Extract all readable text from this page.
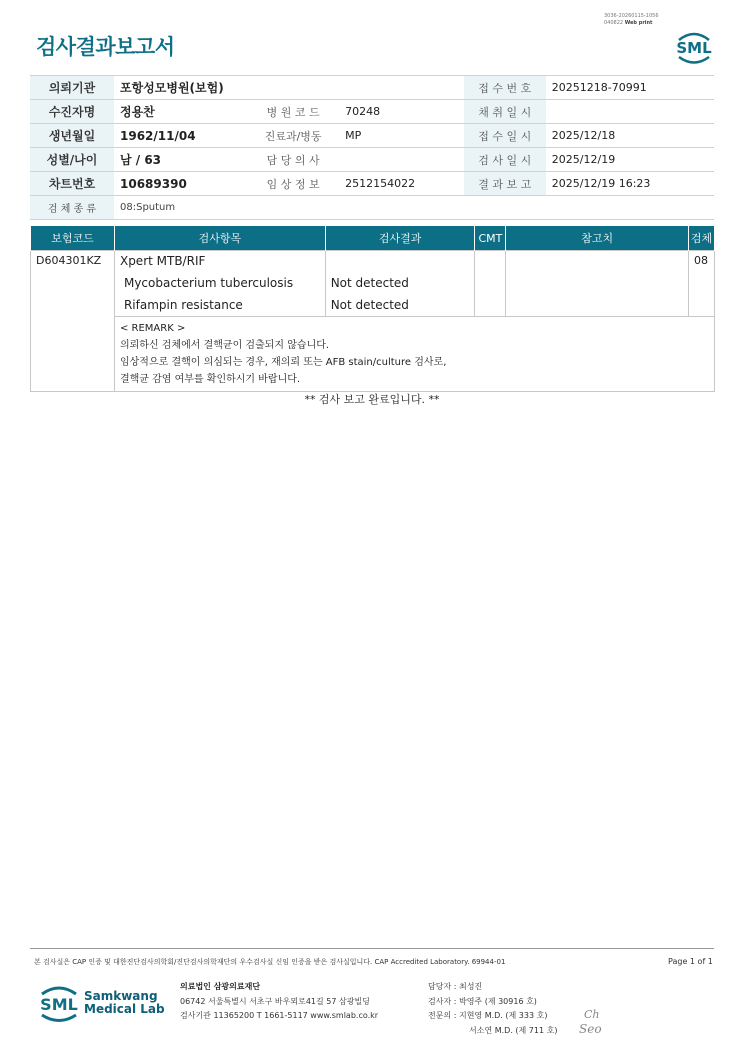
검사결과보고서
3036-20260115-1056
040822 Web print
SML
의뢰기관	포항성모병원(보험)			접 수 번 호	20251218-70991
수진자명	정용찬	병 원 코 드	70248	채 취 일 시	
생년월일	1962/11/04	진료과/병동	MP	접 수 일 시	2025/12/18
성별/나이	남 / 63	담 당 의 사		검 사 일 시	2025/12/19
차트번호	10689390	임 상 정 보	2512154022	결 과 보 고	2025/12/19 16:23
검 체 종 류	08:Sputum				
보험코드	검사항목	검사결과	CMT	참고치	검체
D604301KZ	Xpert MTB/RIF				08
	Mycobacterium tuberculosis	Not detected			
	Rifampin resistance	Not detected			

	< REMARK >
의뢰하신 검체에서 결핵균이 검출되지 않습니다.
임상적으로 결핵이 의심되는 경우, 재의뢰 또는 AFB stain/culture 검사로,
결핵균 감염 여부를 확인하시기 바랍니다.				
** 검사 보고 완료입니다. **
본 검사실은 CAP 인증 및 대한진단검사의학회/진단검사의학재단의 우수검사실 신임 인증을 받은 검사실입니다. CAP Accredited Laboratory. 69944-01	Page 1 of 1
SML Samkwang
Medical Lab
의료법인 삼광의료재단
06742 서울특별시 서초구 바우뫼로41길 57 삼광빌딩
검사기관 11365200 T 1661-5117 www.smlab.co.kr
담당자 : 최성진
검사자 : 박영주 (제 30916 호)
전문의 : 지현영 M.D. (제 333 호)
서소연 M.D. (제 711 호)
Ch
Seo
